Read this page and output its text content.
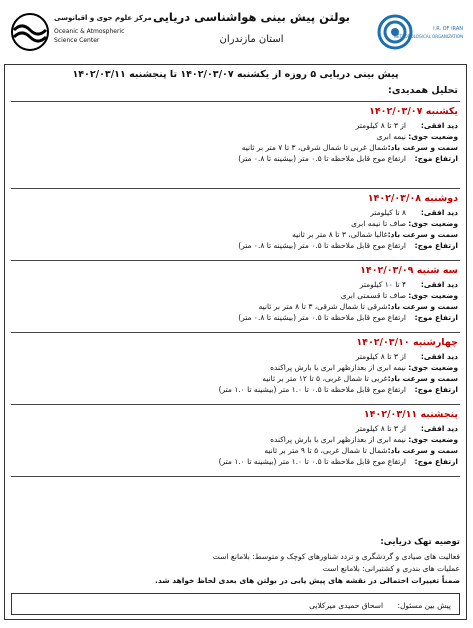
مرکز علوم جوی و اقیانوسی
Oceanic & Atmospheric
Science Center
بولتن پیش بینی هواشناسی دریایی
استان مازندران
I.R. OF IRAN
METEOROLOGICAL ORGANIZATION
پیش بینی دریایی ۵ روزه از یکشنبه ۱۴۰۲/۰۳/۰۷ تا پنجشنبه ۱۴۰۲/۰۳/۱۱
تحلیل همدیدی:
یکشنبه ۱۴۰۲/۰۳/۰۷
دید افقی:از ۳ تا ۸ کیلومتر
وضعیت جوی:نیمه ابری
سمت و سرعت باد:شمال غربی تا شمال شرقی، ۳ تا ۷ متر بر ثانیه
ارتفاع موج:ارتفاع موج قابل ملاحظه تا ۰.۵ متر (بیشینه تا ۰.۸ متر)
دوشنبه ۱۴۰۲/۰۳/۰۸
دید افقی:۸ تا کیلومتر
وضعیت جوی:صاف تا نیمه ابری
سمت و سرعت باد:غالبا شمالی، ۳ تا ۸ متر بر ثانیه
ارتفاع موج:ارتفاع موج قابل ملاحظه تا ۰.۵ متر (بیشینه تا ۰.۸ متر)
سه شنبه ۱۴۰۲/۰۳/۰۹
دید افقی:۴ تا ۱۰ کیلومتر
وضعیت جوی:صاف تا قسمتی ابری
سمت و سرعت باد:شرقی تا شمال شرقی، ۳ تا ۸ متر بر ثانیه
ارتفاع موج:ارتفاع موج قابل ملاحظه تا ۰.۵ متر (بیشینه تا ۰.۸ متر)
چهارشنبه ۱۴۰۲/۰۳/۱۰
دید افقی:از ۳ تا ۸ کیلومتر
وضعیت جوی:نیمه ابری از بعدازظهر ابری با بارش پراکنده
سمت و سرعت باد:غربی تا شمال غربی، ۵ تا ۱۲ متر بر ثانیه
ارتفاع موج:ارتفاع موج قابل ملاحظه تا ۰.۵ تا ۱.۰ متر (بیشینه تا ۱.۰ متر)
پنجشنبه ۱۴۰۲/۰۳/۱۱
دید افقی:از ۳ تا ۸ کیلومتر
وضعیت جوی:نیمه ابری از بعدازظهر ابری با بارش پراکنده
سمت و سرعت باد:شمال تا شمال غربی، ۵ تا ۹ متر بر ثانیه
ارتفاع موج:ارتفاع موج قابل ملاحظه تا ۰.۵ تا ۱.۰ متر (بیشینه تا ۱.۰ متر)
توصیه تهک دریایی:
فعالیت های صیادی و گردشگری و تردد شناورهای کوچک و متوسط: بلامانع است
عملیات های بندری و کشتیرانی: بلامانع است
ضمناً تغییرات احتمالی در نقشه های پیش یابی در بولتن های بعدی لحاظ خواهد شد.
پیش بین مسئول: اسحاق حمیدی میرکلایی
